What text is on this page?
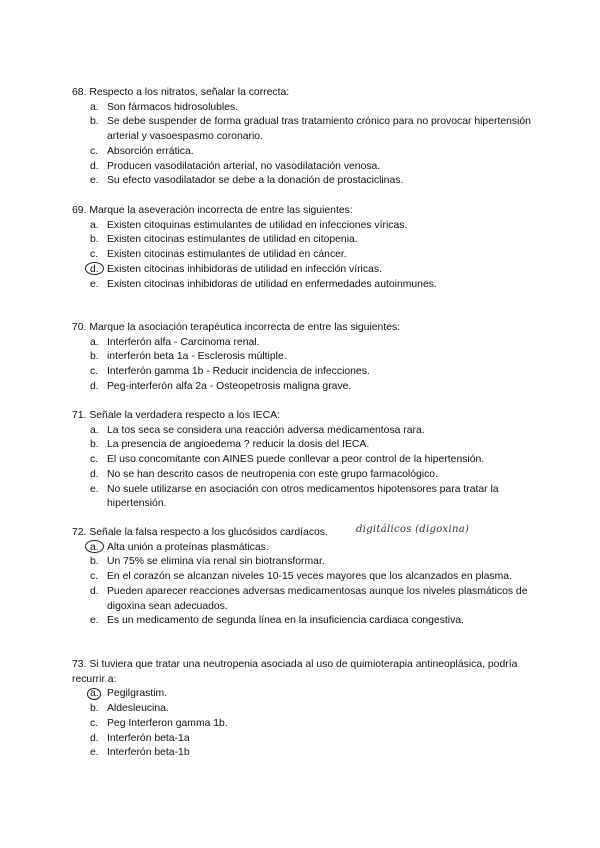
68. Respecto a los nitratos, señalar la correcta:
a. Son fármacos hidrosolubles.
b. Se debe suspender de forma gradual tras tratamiento crónico para no provocar hipertensión arterial y vasoespasmo coronario.
c. Absorción errática.
d. Producen vasodilatación arterial, no vasodilatación venosa.
e. Su efecto vasodilatador se debe a la donación de prostaciclinas.
69. Marque la aseveración incorrecta de entre las siguientes:
a. Existen citoquinas estimulantes de utilidad en infecciones víricas.
b. Existen citocinas estimulantes de utilidad en citopenia.
c. Existen citocinas estimulantes de utilidad en cáncer.
d. Existen citocinas inhibidoras de utilidad en infección víricas.
e. Existen citocinas inhibidoras de utilidad en enfermedades autoinmunes.
70. Marque la asociación terapéutica incorrecta de entre las siguientes:
a. Interferón alfa - Carcinoma renal.
b. interferón beta 1a - Esclerosis múltiple.
c. Interferón gamma 1b - Reducir incidencia de infecciones.
d. Peg-interferón alfa 2a - Osteopetrosis maligna grave.
71. Señale la verdadera respecto a los IECA:
a. La tos seca se considera una reacción adversa medicamentosa rara.
b. La presencia de angioedema ? reducir la dosis del IECA.
c. El uso concomitante con AINES puede conllevar a peor control de la hipertensión.
d. No se han descrito casos de neutropenia con este grupo farmacológico.
e. No suele utilizarse en asociación con otros medicamentos hipotensores para tratar la hipertensión.
72. Señale la falsa respecto a los glucósidos cardíacos.	digitálicos (digoxina)
a. Alta unión a proteínas plasmáticas.
b. Un 75% se elimina vía renal sin biotransformar.
c. En el corazón se alcanzan niveles 10-15 veces mayores que los alcanzados en plasma.
d. Pueden aparecer reacciones adversas medicamentosas aunque los niveles plasmáticos de digoxina sean adecuados.
e. Es un medicamento de segunda línea en la insuficiencia cardiaca congestiva.
73. Si tuviera que tratar una neutropenia asociada al uso de quimioterapia antineoplásica, podría recurrir a:
a. Pegilgrastim.
b. Aldesleucina.
c. Peg Interferon gamma 1b.
d. Interferón beta-1a
e. Interferón beta-1b
